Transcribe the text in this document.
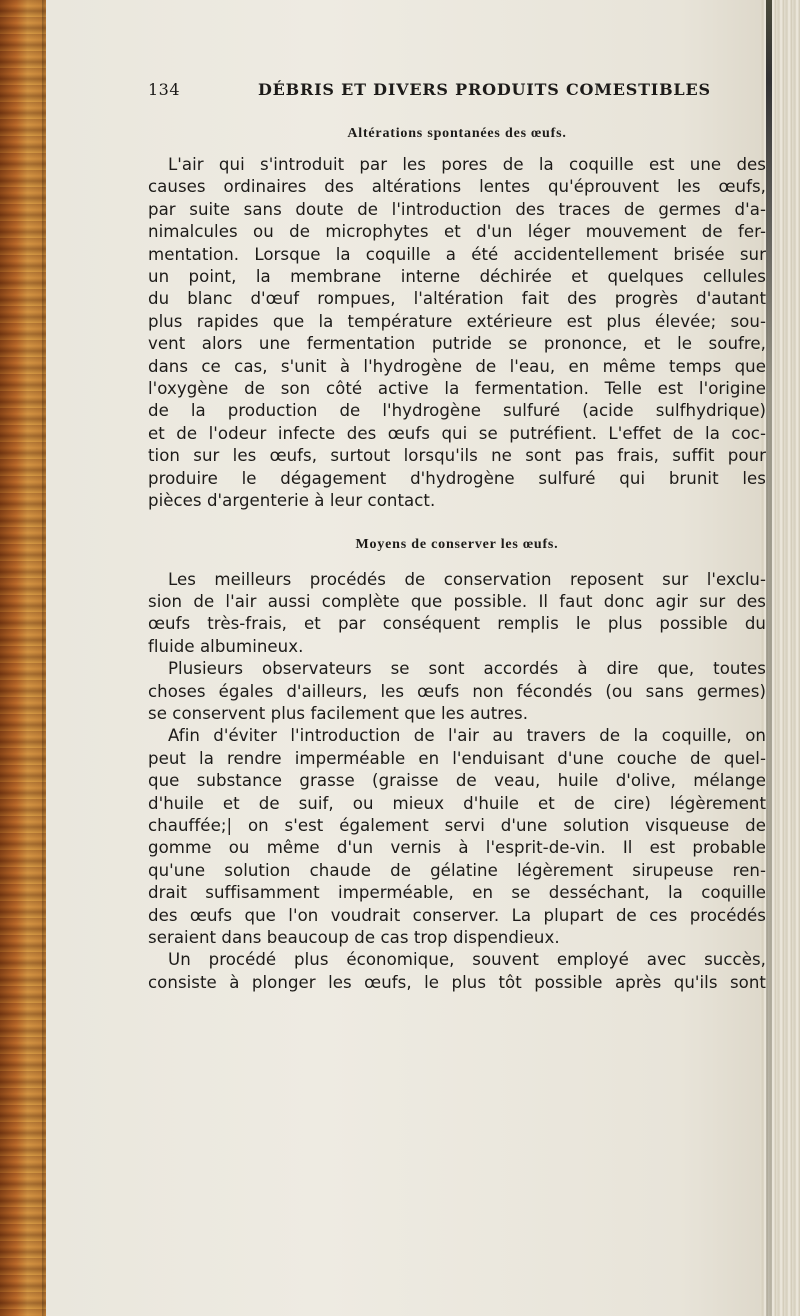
134	DÉBRIS ET DIVERS PRODUITS COMESTIBLES
Altérations spontanées des œufs.

L'air qui s'introduit par les pores de la coquille est une des
causes ordinaires des altérations lentes qu'éprouvent les œufs,
par suite sans doute de l'introduction des traces de germes d'a-
nimalcules ou de microphytes et d'un léger mouvement de fer-
mentation. Lorsque la coquille a été accidentellement brisée sur
un point, la membrane interne déchirée et quelques cellules
du blanc d'œuf rompues, l'altération fait des progrès d'autant
plus rapides que la température extérieure est plus élevée; sou-
vent alors une fermentation putride se prononce, et le soufre,
dans ce cas, s'unit à l'hydrogène de l'eau, en même temps que
l'oxygène de son côté active la fermentation. Telle est l'origine
de la production de l'hydrogène sulfuré (acide sulfhydrique)
et de l'odeur infecte des œufs qui se putréfient. L'effet de la coc-
tion sur les œufs, surtout lorsqu'ils ne sont pas frais, suffit pour
produire le dégagement d'hydrogène sulfuré qui brunit les
pièces d'argenterie à leur contact.

Moyens de conserver les œufs.

Les meilleurs procédés de conservation reposent sur l'exclu-
sion de l'air aussi complète que possible. Il faut donc agir sur des
œufs très-frais, et par conséquent remplis le plus possible du
fluide albumineux.

Plusieurs observateurs se sont accordés à dire que, toutes
choses égales d'ailleurs, les œufs non fécondés (ou sans germes)
se conservent plus facilement que les autres.

Afin d'éviter l'introduction de l'air au travers de la coquille, on
peut la rendre imperméable en l'enduisant d'une couche de quel-
que substance grasse (graisse de veau, huile d'olive, mélange
d'huile et de suif, ou mieux d'huile et de cire) légèrement
chauffée;| on s'est également servi d'une solution visqueuse de
gomme ou même d'un vernis à l'esprit-de-vin. Il est probable
qu'une solution chaude de gélatine légèrement sirupeuse ren-
drait suffisamment imperméable, en se desséchant, la coquille
des œufs que l'on voudrait conserver. La plupart de ces procédés
seraient dans beaucoup de cas trop dispendieux.

Un procédé plus économique, souvent employé avec succès,
consiste à plonger les œufs, le plus tôt possible après qu'ils sont
